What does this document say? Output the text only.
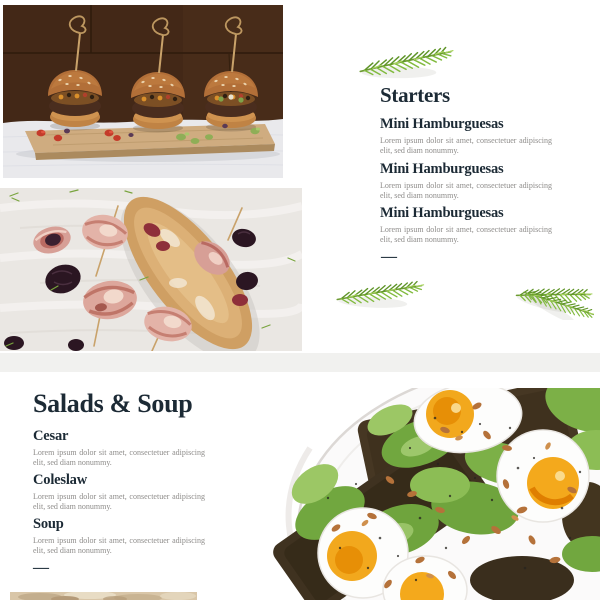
Starters
Mini Hamburguesas

Lorem ipsum dolor sit amet, consectetuer adipiscing elit, sed diam nonummy.

Mini Hamburguesas

Lorem ipsum dolor sit amet, consectetuer adipiscing elit, sed diam nonummy.

Mini Hamburguesas

Lorem ipsum dolor sit amet, consectetuer adipiscing elit, sed diam nonummy.

—
Salads & Soup
Cesar

Lorem ipsum dolor sit amet, consectetuer adipiscing elit, sed diam nonummy.

Coleslaw

Lorem ipsum dolor sit amet, consectetuer adipiscing elit, sed diam nonummy.

Soup

Lorem ipsum dolor sit amet, consectetuer adipiscing elit, sed diam nonummy.

—
